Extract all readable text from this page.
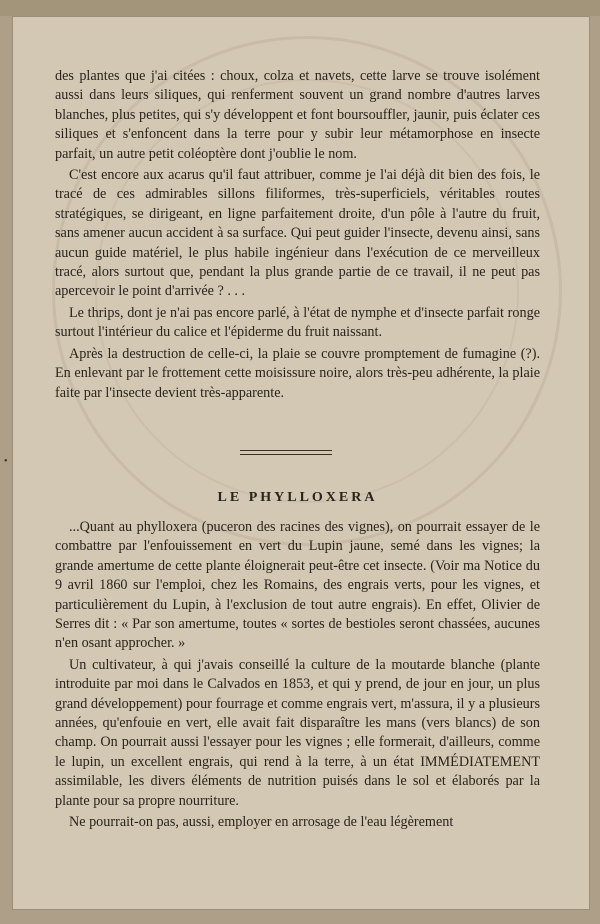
des plantes que j'ai citées : choux, colza et navets, cette larve se trouve isolément aussi dans leurs siliques, qui renferment souvent un grand nombre d'autres larves blanches, plus petites, qui s'y développent et font boursouffler, jaunir, puis éclater ces siliques et s'enfoncent dans la terre pour y subir leur métamorphose en insecte parfait, un autre petit coléoptère dont j'oublie le nom.

C'est encore aux acarus qu'il faut attribuer, comme je l'ai déjà dit bien des fois, le tracé de ces admirables sillons filiformes, très-superficiels, véritables routes stratégiques, se dirigeant, en ligne parfaitement droite, d'un pôle à l'autre du fruit, sans amener aucun accident à sa surface. Qui peut guider l'insecte, devenu ainsi, sans aucun guide matériel, le plus habile ingénieur dans l'exécution de ce merveilleux tracé, alors surtout que, pendant la plus grande partie de ce travail, il ne peut pas apercevoir le point d'arrivée ? . . .

Le thrips, dont je n'ai pas encore parlé, à l'état de nymphe et d'insecte parfait ronge surtout l'intérieur du calice et l'épiderme du fruit naissant.

Après la destruction de celle-ci, la plaie se couvre promptement de fumagine (?). En enlevant par le frottement cette moisissure noire, alors très-peu adhérente, la plaie faite par l'insecte devient très-apparente.

•
LE PHYLLOXERA

...Quant au phylloxera (puceron des racines des vignes), on pourrait essayer de le combattre par l'enfouissement en vert du Lupin jaune, semé dans les vignes; la grande amertume de cette plante éloignerait peut-être cet insecte. (Voir ma Notice du 9 avril 1860 sur l'emploi, chez les Romains, des engrais verts, pour les vignes, et particulièrement du Lupin, à l'exclusion de tout autre engrais). En effet, Olivier de Serres dit : « Par son amertume, toutes « sortes de bestioles seront chassées, aucunes n'en osant approcher. »

Un cultivateur, à qui j'avais conseillé la culture de la moutarde blanche (plante introduite par moi dans le Calvados en 1853, et qui y prend, de jour en jour, un plus grand développement) pour fourrage et comme engrais vert, m'assura, il y a plusieurs années, qu'enfouie en vert, elle avait fait disparaître les mans (vers blancs) de son champ. On pourrait aussi l'essayer pour les vignes ; elle formerait, d'ailleurs, comme le lupin, un excellent engrais, qui rend à la terre, à un état IMMÉDIATEMENT assimilable, les divers éléments de nutrition puisés dans le sol et élaborés par la plante pour sa propre nourriture.

Ne pourrait-on pas, aussi, employer en arrosage de l'eau légèrement
